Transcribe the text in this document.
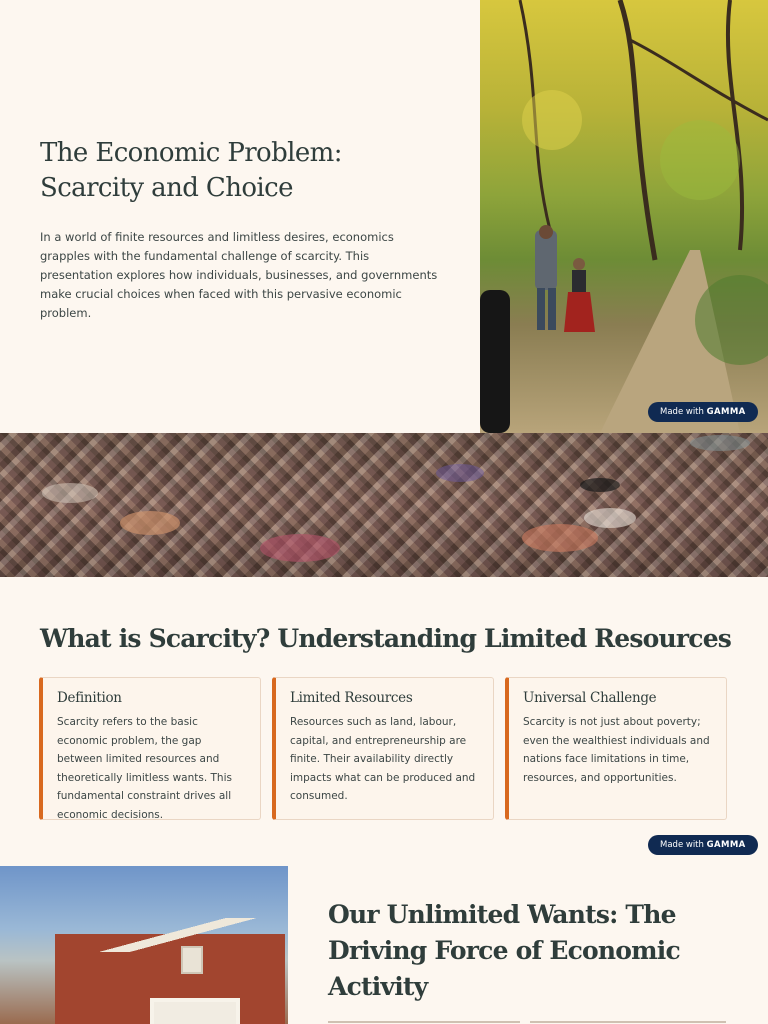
The Economic Problem:
Scarcity and Choice

In a world of finite resources and limitless desires, economics grapples with the fundamental challenge of scarcity. This presentation explores how individuals, businesses, and governments make crucial choices when faced with this pervasive economic problem.

Made with GAMMA
What is Scarcity? Understanding Limited Resources
Definition
Scarcity refers to the basic economic problem, the gap between limited resources and theoretically limitless wants. This fundamental constraint drives all economic decisions.
Limited Resources
Resources such as land, labour, capital, and entrepreneurship are finite. Their availability directly impacts what can be produced and consumed.
Universal Challenge
Scarcity is not just about poverty; even the wealthiest individuals and nations face limitations in time, resources, and opportunities.
Made with GAMMA
Our Unlimited Wants: The Driving Force of Economic Activity
